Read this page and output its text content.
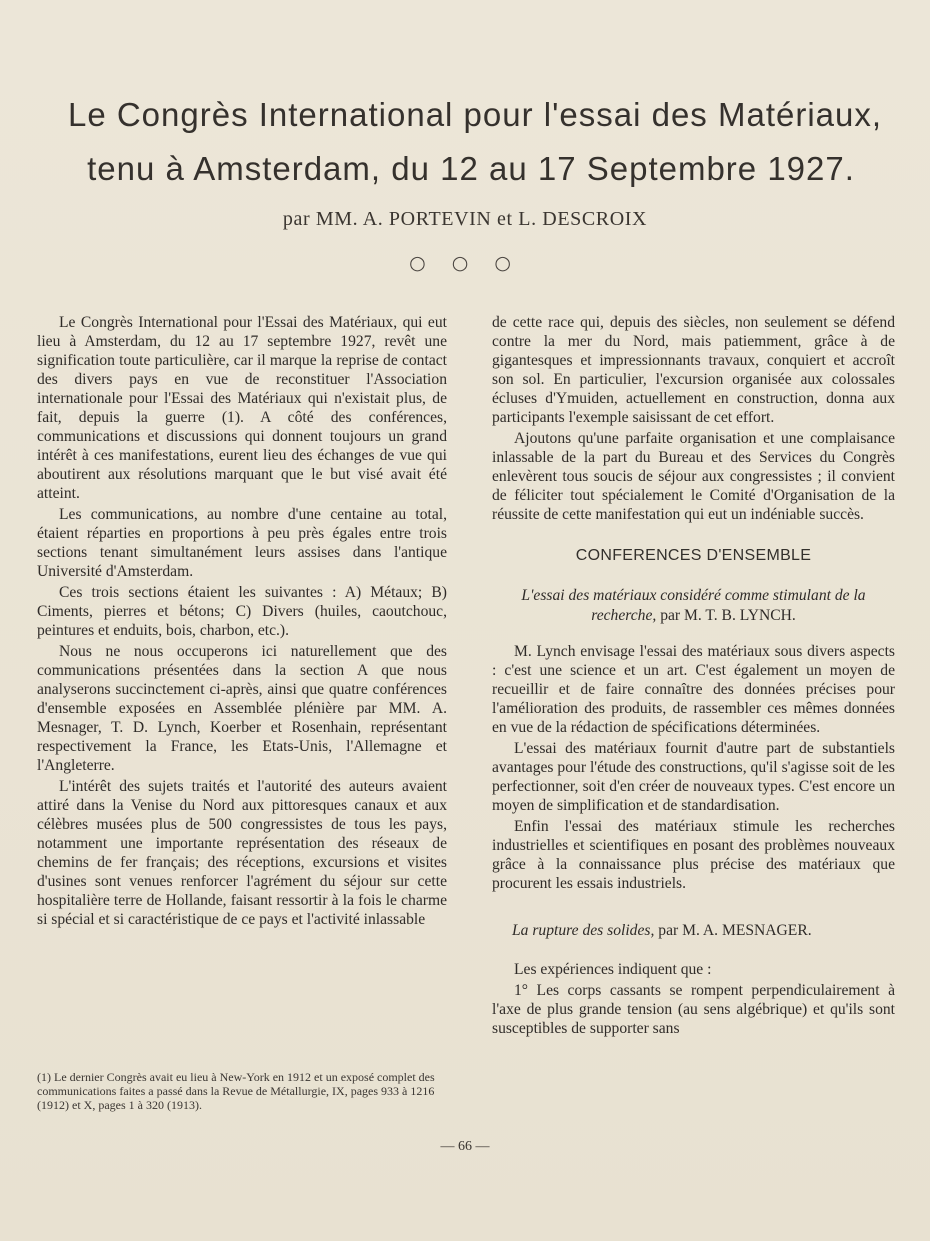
Le Congrès International pour l'essai des Matériaux,
tenu à Amsterdam, du 12 au 17 Septembre 1927.
par MM. A. PORTEVIN et L. DESCROIX
○ ○ ○

Le Congrès International pour l'Essai des Matériaux, qui eut lieu à Amsterdam, du 12 au 17 septembre 1927, revêt une signification toute particulière, car il marque la reprise de contact des divers pays en vue de reconstituer l'Association internationale pour l'Essai des Matériaux qui n'existait plus, de fait, depuis la guerre (1). A côté des conférences, communications et discussions qui donnent toujours un grand intérêt à ces manifestations, eurent lieu des échanges de vue qui aboutirent aux résolutions marquant que le but visé avait été atteint.

Les communications, au nombre d'une centaine au total, étaient réparties en proportions à peu près égales entre trois sections tenant simultanément leurs assises dans l'antique Université d'Amsterdam.

Ces trois sections étaient les suivantes : A) Métaux; B) Ciments, pierres et bétons; C) Divers (huiles, caoutchouc, peintures et enduits, bois, charbon, etc.).

Nous ne nous occuperons ici naturellement que des communications présentées dans la section A que nous analyserons succinctement ci-après, ainsi que quatre conférences d'ensemble exposées en Assemblée plénière par MM. A. Mesnager, T. D. Lynch, Koerber et Rosenhain, représentant respectivement la France, les Etats-Unis, l'Allemagne et l'Angleterre.

L'intérêt des sujets traités et l'autorité des auteurs avaient attiré dans la Venise du Nord aux pittoresques canaux et aux célèbres musées plus de 500 congressistes de tous les pays, notamment une importante représentation des réseaux de chemins de fer français; des réceptions, excursions et visites d'usines sont venues renforcer l'agrément du séjour sur cette hospitalière terre de Hollande, faisant ressortir à la fois le charme si spécial et si caractéristique de ce pays et l'activité inlassable

(1) Le dernier Congrès avait eu lieu à New-York en 1912 et un exposé complet des communications faites a passé dans la Revue de Métallurgie, IX, pages 933 à 1216 (1912) et X, pages 1 à 320 (1913).

de cette race qui, depuis des siècles, non seulement se défend contre la mer du Nord, mais patiemment, grâce à de gigantesques et impressionnants travaux, conquiert et accroît son sol. En particulier, l'excursion organisée aux colossales écluses d'Ymuiden, actuellement en construction, donna aux participants l'exemple saisissant de cet effort.

Ajoutons qu'une parfaite organisation et une complaisance inlassable de la part du Bureau et des Services du Congrès enlevèrent tous soucis de séjour aux congressistes ; il convient de féliciter tout spécialement le Comité d'Organisation de la réussite de cette manifestation qui eut un indéniable succès.

CONFERENCES D'ENSEMBLE
L'essai des matériaux considéré comme stimulant de la recherche, par M. T. B. LYNCH.

M. Lynch envisage l'essai des matériaux sous divers aspects : c'est une science et un art. C'est également un moyen de recueillir et de faire connaître des données précises pour l'amélioration des produits, de rassembler ces mêmes données en vue de la rédaction de spécifications déterminées.

L'essai des matériaux fournit d'autre part de substantiels avantages pour l'étude des constructions, qu'il s'agisse soit de les perfectionner, soit d'en créer de nouveaux types. C'est encore un moyen de simplification et de standardisation.

Enfin l'essai des matériaux stimule les recherches industrielles et scientifiques en posant des problèmes nouveaux grâce à la connaissance plus précise des matériaux que procurent les essais industriels.

La rupture des solides, par M. A. MESNAGER.

Les expériences indiquent que :

1° Les corps cassants se rompent perpendiculairement à l'axe de plus grande tension (au sens algébrique) et qu'ils sont susceptibles de supporter sans

— 66 —
